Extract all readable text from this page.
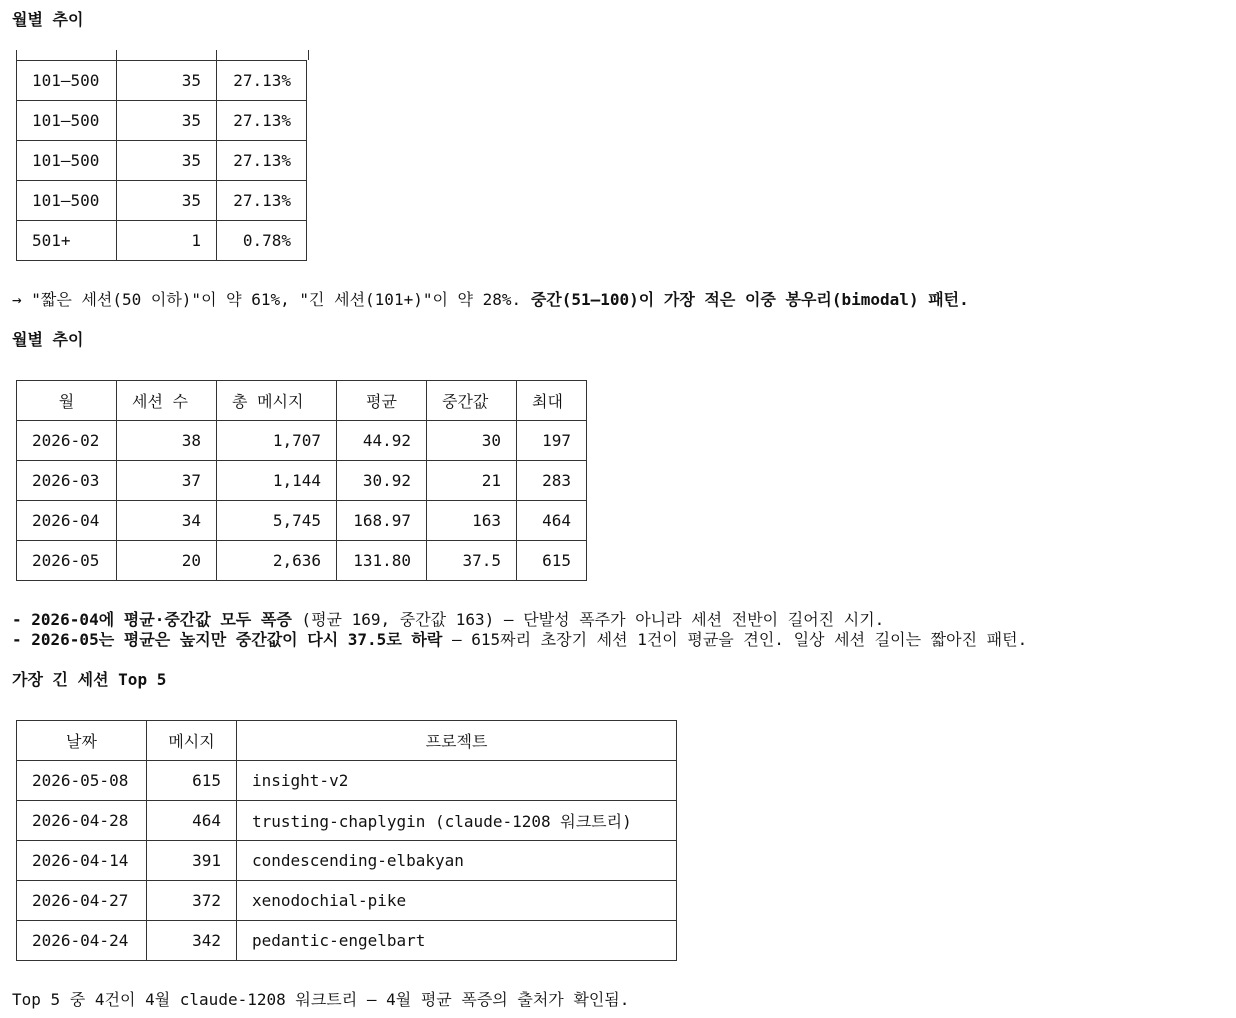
월별 추이
101–500	35	27.13%
101–500	35	27.13%
101–500	35	27.13%
101–500	35	27.13%
501+	1	0.78%
→ "짧은 세션(50 이하)"이 약 61%, "긴 세션(101+)"이 약 28%. 중간(51–100)이 가장 적은 이중 봉우리(bimodal) 패턴.
월별 추이
월	세션 수	총 메시지	평균	중간값	최대
2026-02	38	1,707	44.92	30	197
2026-03	37	1,144	30.92	21	283
2026-04	34	5,745	168.97	163	464
2026-05	20	2,636	131.80	37.5	615
- 2026-04에 평균·중간값 모두 폭증 (평균 169, 중간값 163) — 단발성 폭주가 아니라 세션 전반이 길어진 시기.
- 2026-05는 평균은 높지만 중간값이 다시 37.5로 하락 — 615짜리 초장기 세션 1건이 평균을 견인. 일상 세션 길이는 짧아진 패턴.
가장 긴 세션 Top 5
날짜	메시지	프로젝트
2026-05-08	615	insight-v2
2026-04-28	464	trusting-chaplygin (claude-1208 워크트리)
2026-04-14	391	condescending-elbakyan
2026-04-27	372	xenodochial-pike
2026-04-24	342	pedantic-engelbart
Top 5 중 4건이 4월 claude-1208 워크트리 — 4월 평균 폭증의 출처가 확인됨.
